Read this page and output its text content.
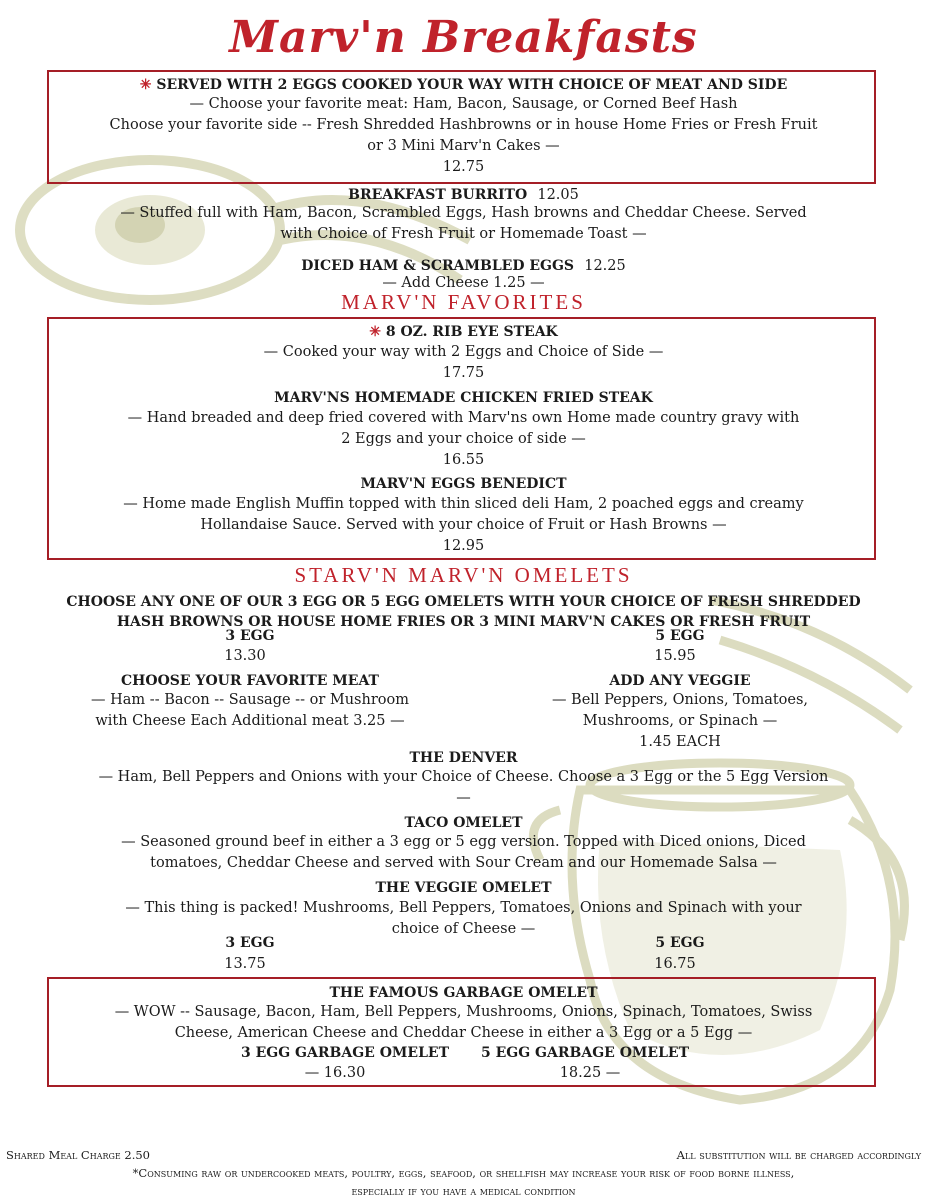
Marv'n Breakfasts
✳ SERVED WITH 2 EGGS COOKED YOUR WAY WITH CHOICE OF MEAT AND SIDE
— Choose your favorite meat: Ham, Bacon, Sausage, or Corned Beef Hash
Choose your favorite side -- Fresh Shredded Hashbrowns or in house Home Fries or Fresh Fruit
or 3 Mini Marv'n Cakes —
12.75
BREAKFAST BURRITO 12.05
— Stuffed full with Ham, Bacon, Scrambled Eggs, Hash browns and Cheddar Cheese. Served
with Choice of Fresh Fruit or Homemade Toast —
DICED HAM & SCRAMBLED EGGS 12.25
— Add Cheese 1.25 —
MARV'N FAVORITES
✳ 8 OZ. RIB EYE STEAK
— Cooked your way with 2 Eggs and Choice of Side —
17.75
MARV'NS HOMEMADE CHICKEN FRIED STEAK
— Hand breaded and deep fried covered with Marv'ns own Home made country gravy with
2 Eggs and your choice of side —
16.55
MARV'N EGGS BENEDICT
— Home made English Muffin topped with thin sliced deli Ham, 2 poached eggs and creamy
Hollandaise Sauce. Served with your choice of Fruit or Hash Browns —
12.95
STARV'N MARV'N OMELETS
CHOOSE ANY ONE OF OUR 3 EGG OR 5 EGG OMELETS WITH YOUR CHOICE OF FRESH SHREDDED
HASH BROWNS OR HOUSE HOME FRIES OR 3 MINI MARV'N CAKES OR FRESH FRUIT
3 EGG
13.30
5 EGG
15.95
CHOOSE YOUR FAVORITE MEAT
— Ham -- Bacon -- Sausage -- or Mushroom
with Cheese Each Additional meat 3.25 —
ADD ANY VEGGIE
— Bell Peppers, Onions, Tomatoes,
Mushrooms, or Spinach —
1.45 EACH
THE DENVER
— Ham, Bell Peppers and Onions with your Choice of Cheese. Choose a 3 Egg or the 5 Egg Version
—
TACO OMELET
— Seasoned ground beef in either a 3 egg or 5 egg version. Topped with Diced onions, Diced
tomatoes, Cheddar Cheese and served with Sour Cream and our Homemade Salsa —
THE VEGGIE OMELET
— This thing is packed! Mushrooms, Bell Peppers, Tomatoes, Onions and Spinach with your
choice of Cheese —
3 EGG
13.75
5 EGG
16.75
THE FAMOUS GARBAGE OMELET
— WOW -- Sausage, Bacon, Ham, Bell Peppers, Mushrooms, Onions, Spinach, Tomatoes, Swiss
Cheese, American Cheese and Cheddar Cheese in either a 3 Egg or a 5 Egg —
3 EGG GARBAGE OMELET
— 16.30
5 EGG GARBAGE OMELET
18.25 —
Shared Meal Charge 2.50	All substitution will be charged accordingly
*Consuming raw or undercooked meats, poultry, eggs, seafood, or shellfish may increase your risk of food borne illness,
especially if you have a medical condition
